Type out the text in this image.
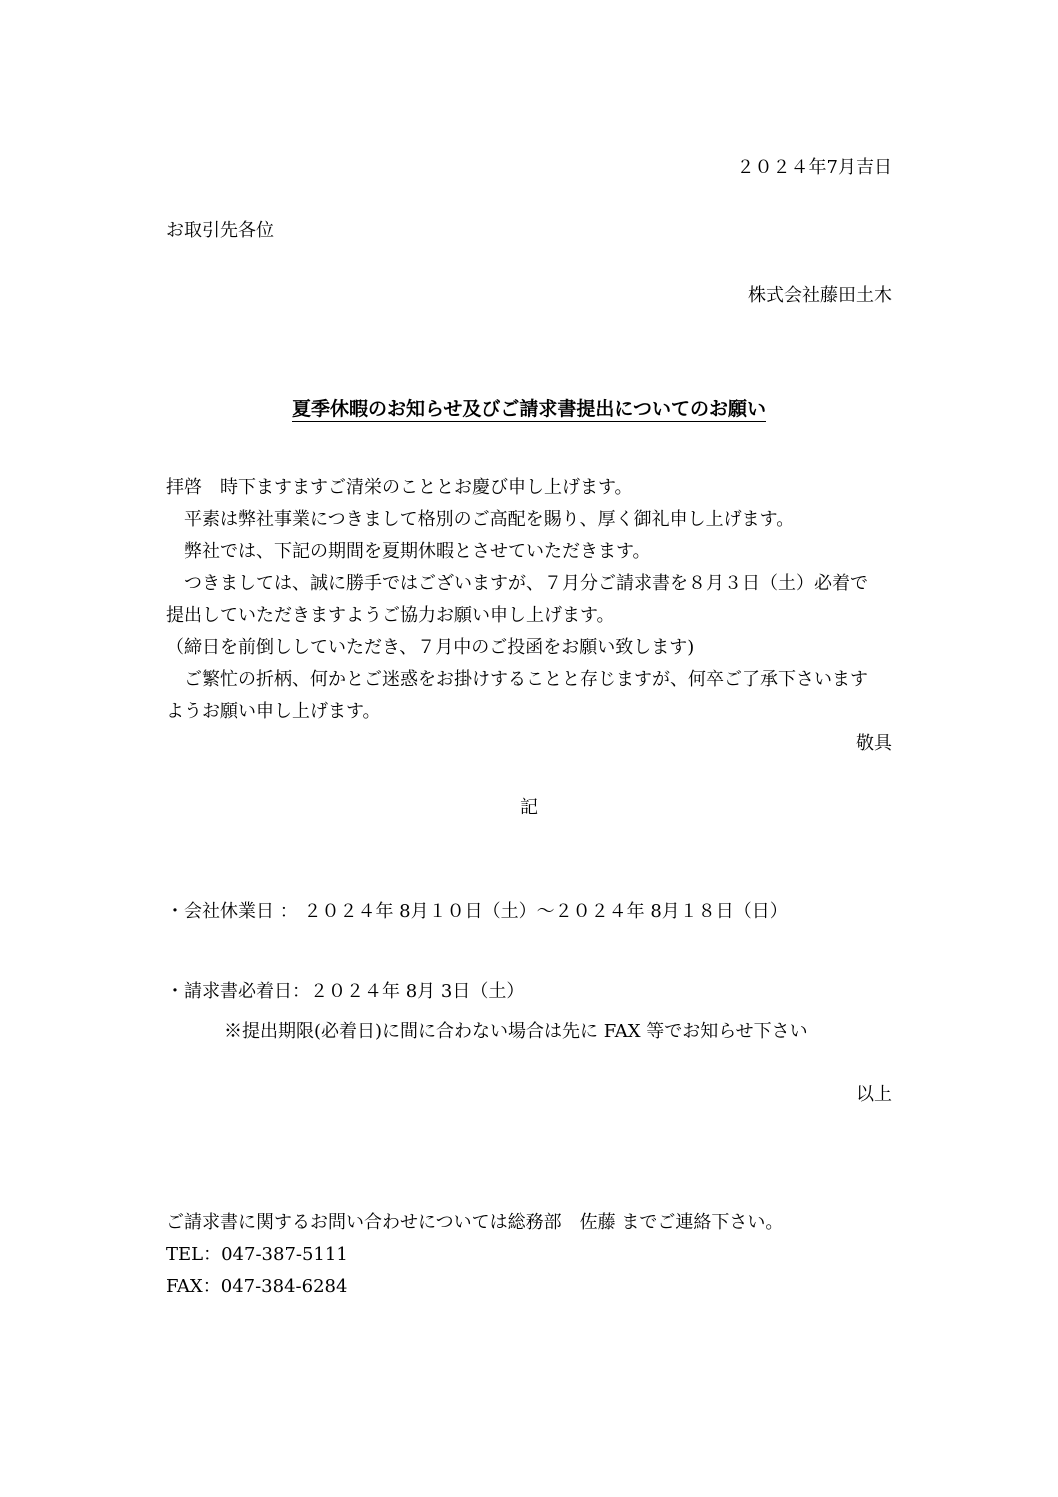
２０２４年7月吉日
お取引先各位
株式会社藤田土木
夏季休暇のお知らせ及びご請求書提出についてのお願い
拝啓　時下ますますご清栄のこととお慶び申し上げます。
　平素は弊社事業につきまして格別のご高配を賜り、厚く御礼申し上げます。
　弊社では、下記の期間を夏期休暇とさせていただきます。
　つきましては、誠に勝手ではございますが、７月分ご請求書を８月３日（土）必着で
提出していただきますようご協力お願い申し上げます。
（締日を前倒ししていただき、７月中のご投函をお願い致します)
　ご繁忙の折柄、何かとご迷惑をお掛けすることと存じますが、何卒ご了承下さいます
ようお願い申し上げます。
敬具
記
・会社休業日 ： ２０２４年 8月１０日（土）～２０２４年 8月１８日（日）
・請求書必着日：２０２４年 8月 3日（土）
※提出期限(必着日)に間に合わない場合は先に FAX 等でお知らせ下さい
以上
ご請求書に関するお問い合わせについては総務部　佐藤 までご連絡下さい。
TEL：047-387-5111
FAX：047-384-6284
